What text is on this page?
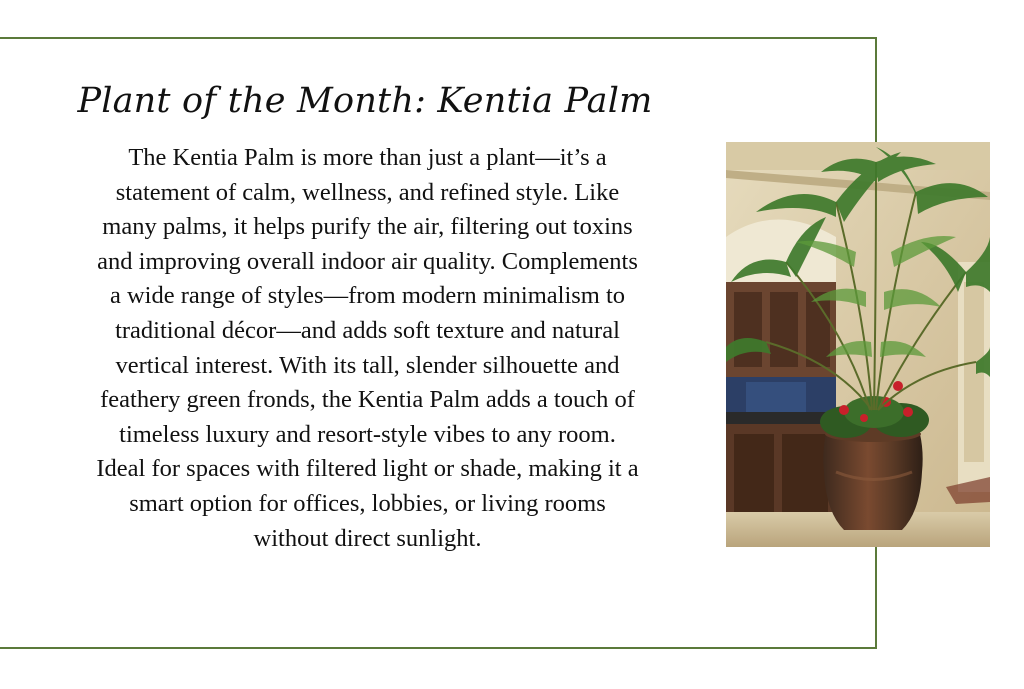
Plant of the Month: Kentia Palm

The Kentia Palm is more than just a plant—it’s a
statement of calm, wellness, and refined style. Like
many palms, it helps purify the air, filtering out toxins
and improving overall indoor air quality. Complements
a wide range of styles—from modern minimalism to
traditional décor—and adds soft texture and natural
vertical interest. With its tall, slender silhouette and
feathery green fronds, the Kentia Palm adds a touch of
timeless luxury and resort-style vibes to any room.
Ideal for spaces with filtered light or shade, making it a
smart option for offices, lobbies, or living rooms
without direct sunlight.
